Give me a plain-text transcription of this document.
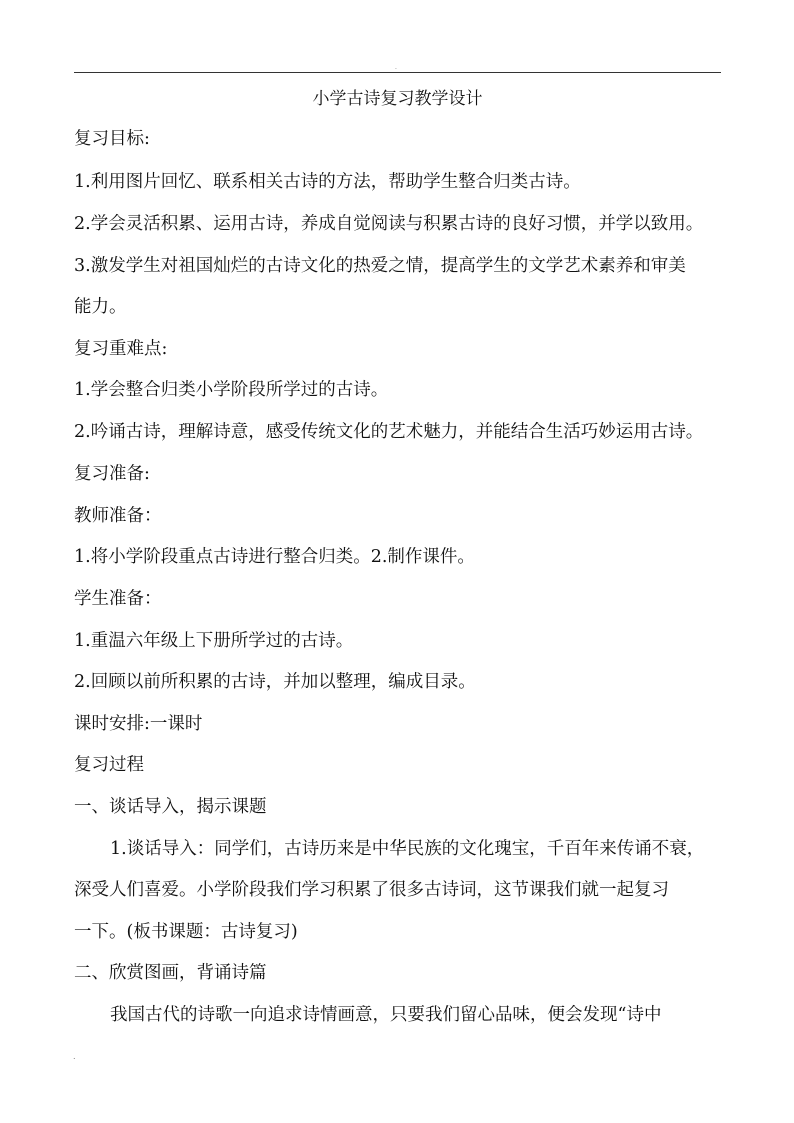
.
小学古诗复习教学设计
复习目标:
1.利用图片回忆、联系相关古诗的方法，帮助学生整合归类古诗。
2.学会灵活积累、运用古诗，养成自觉阅读与积累古诗的良好习惯，并学以致用。
3.激发学生对祖国灿烂的古诗文化的热爱之情，提高学生的文学艺术素养和审美
能力。
复习重难点:
1.学会整合归类小学阶段所学过的古诗。
2.吟诵古诗，理解诗意，感受传统文化的艺术魅力，并能结合生活巧妙运用古诗。
复习准备:
教师准备：
1.将小学阶段重点古诗进行整合归类。2.制作课件。
学生准备：
1.重温六年级上下册所学过的古诗。
2.回顾以前所积累的古诗，并加以整理，编成目录。
课时安排:一课时
复习过程
一、谈话导入，揭示课题
1.谈话导入：同学们，古诗历来是中华民族的文化瑰宝，千百年来传诵不衰，
深受人们喜爱。小学阶段我们学习积累了很多古诗词，这节课我们就一起复习
一下。(板书课题：古诗复习)
二、欣赏图画，背诵诗篇
我国古代的诗歌一向追求诗情画意，只要我们留心品味，便会发现“诗中
.
